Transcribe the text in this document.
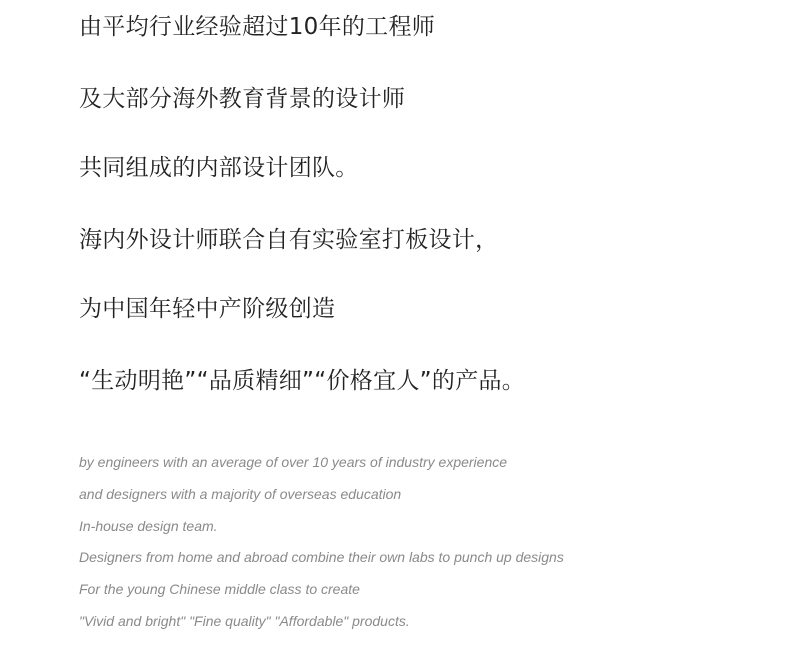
由平均行业经验超过10年的工程师

及大部分海外教育背景的设计师

共同组成的内部设计团队。

海内外设计师联合自有实验室打板设计，

为中国年轻中产阶级创造

“生动明艳”“品质精细”“价格宜人”的产品。

by engineers with an average of over 10 years of industry experience

and designers with a majority of overseas education

In-house design team.

Designers from home and abroad combine their own labs to punch up designs

For the young Chinese middle class to create

"Vivid and bright" "Fine quality" "Affordable" products.
